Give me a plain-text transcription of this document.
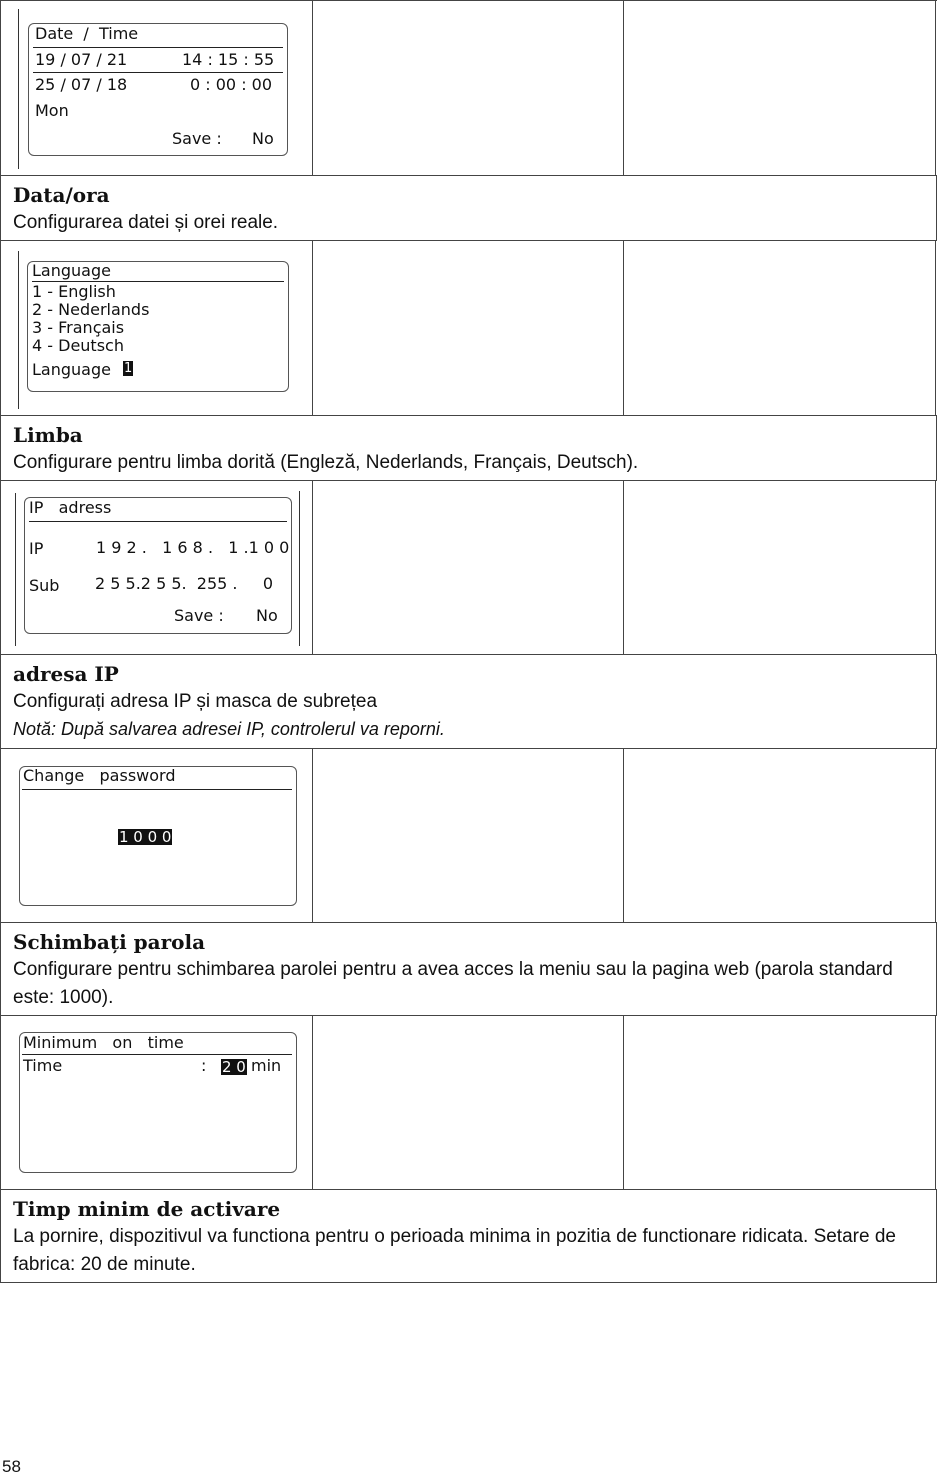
Date  /  Time
19 / 07 / 21	14 : 15 : 55
25 / 07 / 18	0 : 00 : 00
Mon
Save : No
Data/ora
Configurarea datei și orei reale.
Language
1 - English
2 - Nederlands
3 - Français
4 - Deutsch
Language 1
Limba
Configurare pentru limba dorită (Engleză, Nederlands, Français, Deutsch).
IP   adress
IP	1 9 2 .   1 6 8 .   1 .1 0 0
Sub 2 5 5.2 5 5.  255 .     0
Save : No
adresa IP
Configurați adresa IP și masca de subrețea
Notă: După salvarea adresei IP, controlerul va reporni.
Change   password
1 0 0 0
Schimbați parola
Configurare pentru schimbarea parolei pentru a avea acces la meniu sau la pagina web (parola standard este: 1000).
Minimum   on   time
Time	: 2 0 min
Timp minim de activare
La pornire, dispozitivul va functiona pentru o perioada minima in pozitia de functionare ridicata. Setare de fabrica: 20 de minute.
58
